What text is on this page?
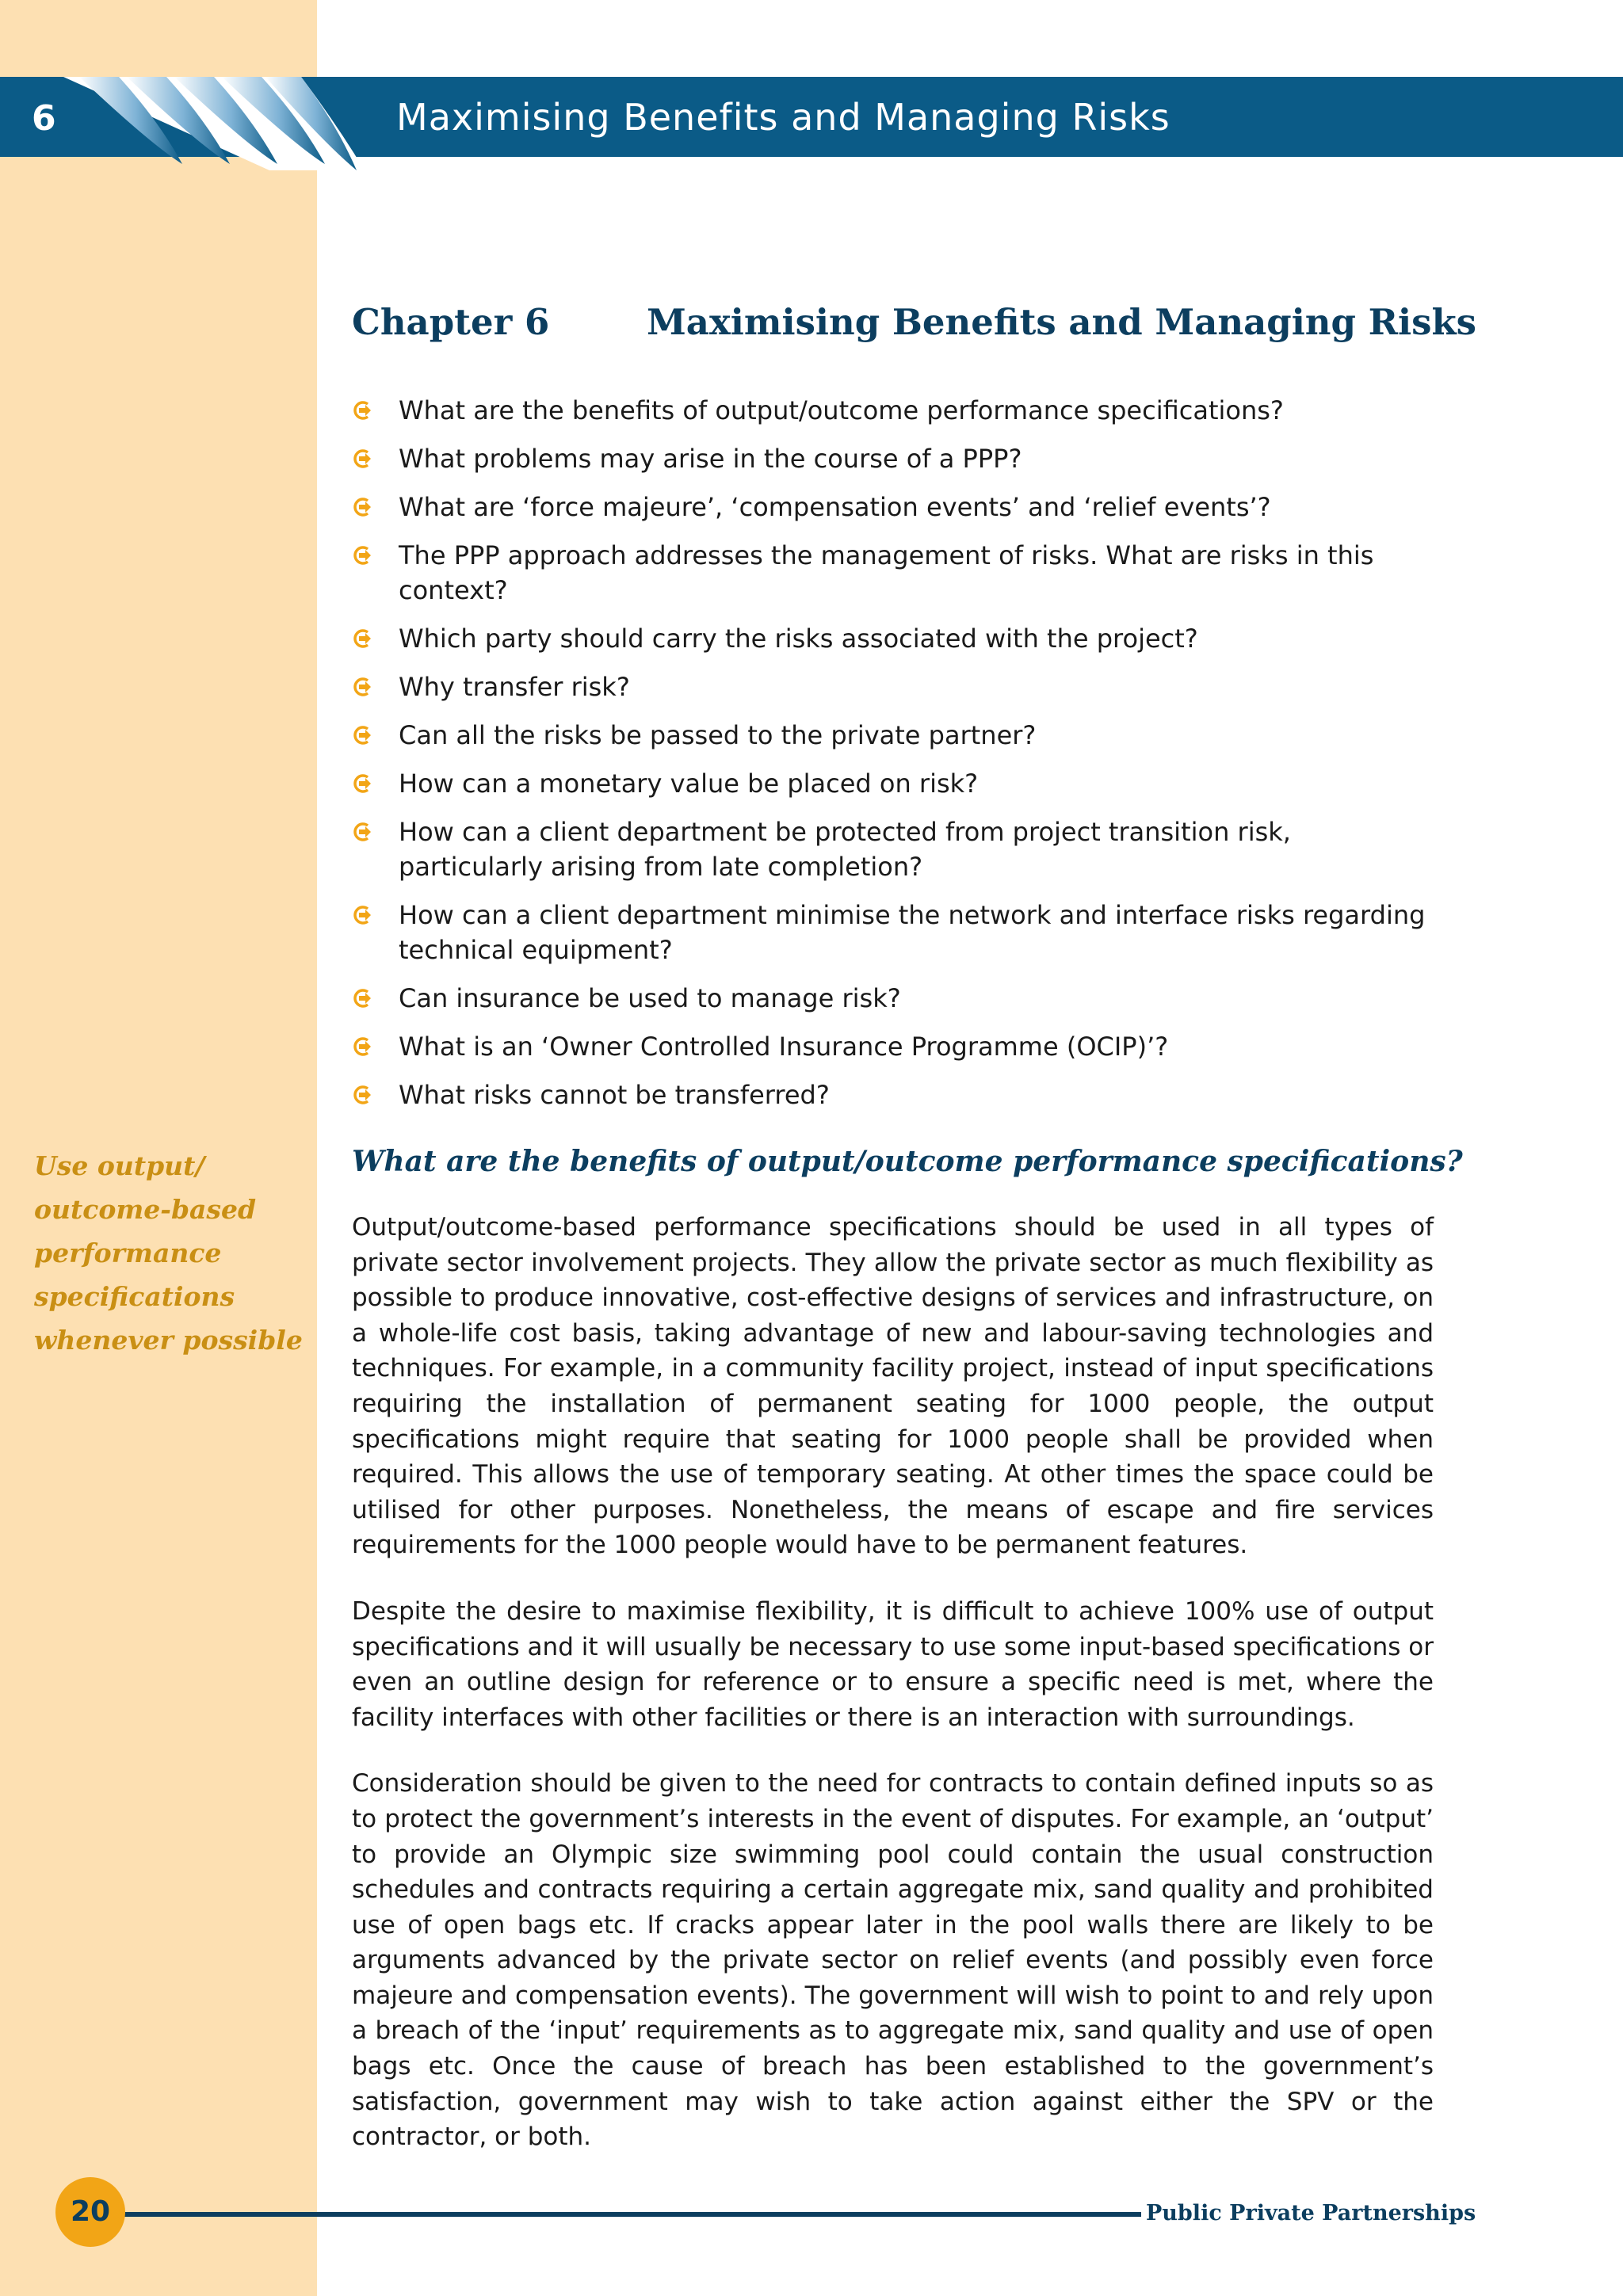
6	Maximising Benefits and Managing Risks
Chapter 6	Maximising Benefits and Managing Risks
What are the benefits of output/outcome performance specifications?
What problems may arise in the course of a PPP?
What are ‘force majeure’, ‘compensation events’ and ‘relief events’?
The PPP approach addresses the management of risks. What are risks in this context?
Which party should carry the risks associated with the project?
Why transfer risk?
Can all the risks be passed to the private partner?
How can a monetary value be placed on risk?
How can a client department be protected from project transition risk, particularly arising from late completion?
How can a client department minimise the network and interface risks regarding technical equipment?
Can insurance be used to manage risk?
What is an ‘Owner Controlled Insurance Programme (OCIP)’?
What risks cannot be transferred?
Use output/ outcome-based performance specifications whenever possible
What are the benefits of output/outcome performance specifications?

Output/outcome-based performance specifications should be used in all types of private sector involvement projects. They allow the private sector as much flexibility as possible to produce innovative, cost-effective designs of services and infrastructure, on a whole-life cost basis, taking advantage of new and labour-saving technologies and techniques. For example, in a community facility project, instead of input specifications requiring the installation of permanent seating for 1000 people, the output specifications might require that seating for 1000 people shall be provided when required. This allows the use of temporary seating. At other times the space could be utilised for other purposes. Nonetheless, the means of escape and fire services requirements for the 1000 people would have to be permanent features.

Despite the desire to maximise flexibility, it is difficult to achieve 100% use of output specifications and it will usually be necessary to use some input-based specifications or even an outline design for reference or to ensure a specific need is met, where the facility interfaces with other facilities or there is an interaction with surroundings.

Consideration should be given to the need for contracts to contain defined inputs so as to protect the government’s interests in the event of disputes. For example, an ‘output’ to provide an Olympic size swimming pool could contain the usual construction schedules and contracts requiring a certain aggregate mix, sand quality and prohibited use of open bags etc. If cracks appear later in the pool walls there are likely to be arguments advanced by the private sector on relief events (and possibly even force majeure and compensation events). The government will wish to point to and rely upon a breach of the ‘input’ requirements as to aggregate mix, sand quality and use of open bags etc. Once the cause of breach has been established to the government’s satisfaction, government may wish to take action against either the SPV or the contractor, or both.

20	Public Private Partnerships
